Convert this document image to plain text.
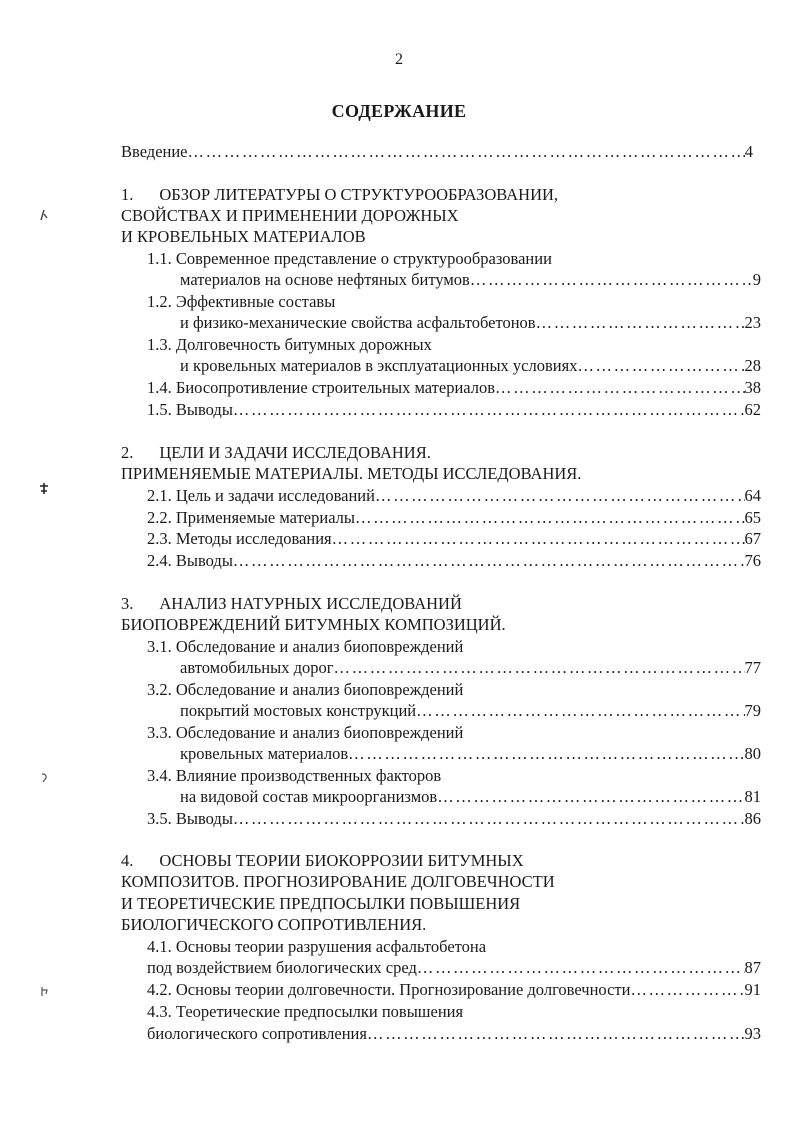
2
СОДЕРЖАНИЕ
Введение …………………………………………………………………………………………………………………………………………………………………………………………………	4
1. ОБЗОР ЛИТЕРАТУРЫ О СТРУКТУРООБРАЗОВАНИИ,
СВОЙСТВАХ И ПРИМЕНЕНИИ ДОРОЖНЫХ
И КРОВЕЛЬНЫХ МАТЕРИАЛОВ
1.1. Современное представление о структурообразовании
материалов на основе нефтяных битумов …………………………………………………………………………………………………………………………………………………………………………………………………	9
1.2. Эффективные составы
и физико-механические свойства асфальтобетонов …………………………………………………………………………………………………………………………………………………………………………………………………	23
1.3. Долговечность битумных дорожных
и кровельных материалов в эксплуатационных условиях …………………………………………………………………………………………………………………………………………………………………………………………………	28
1.4. Биосопротивление строительных материалов …………………………………………………………………………………………………………………………………………………………………………………………………	38
1.5. Выводы …………………………………………………………………………………………………………………………………………………………………………………………………	62
2. ЦЕЛИ И ЗАДАЧИ ИССЛЕДОВАНИЯ.
ПРИМЕНЯЕМЫЕ МАТЕРИАЛЫ. МЕТОДЫ ИССЛЕДОВАНИЯ.
2.1. Цель и задачи исследований …………………………………………………………………………………………………………………………………………………………………………………………………	64
2.2. Применяемые материалы …………………………………………………………………………………………………………………………………………………………………………………………………	65
2.3. Методы исследования …………………………………………………………………………………………………………………………………………………………………………………………………	67
2.4. Выводы …………………………………………………………………………………………………………………………………………………………………………………………………	76
3. АНАЛИЗ НАТУРНЫХ ИССЛЕДОВАНИЙ
БИОПОВРЕЖДЕНИЙ БИТУМНЫХ КОМПОЗИЦИЙ.
3.1. Обследование и анализ биоповреждений
автомобильных дорог …………………………………………………………………………………………………………………………………………………………………………………………………	77
3.2. Обследование и анализ биоповреждений
покрытий мостовых конструкций …………………………………………………………………………………………………………………………………………………………………………………………………	79
3.3. Обследование и анализ биоповреждений
кровельных материалов …………………………………………………………………………………………………………………………………………………………………………………………………	80
3.4. Влияние производственных факторов
на видовой состав микроорганизмов …………………………………………………………………………………………………………………………………………………………………………………………………	81
3.5. Выводы …………………………………………………………………………………………………………………………………………………………………………………………………	86
4. ОСНОВЫ ТЕОРИИ БИОКОРРОЗИИ БИТУМНЫХ
КОМПОЗИТОВ. ПРОГНОЗИРОВАНИЕ ДОЛГОВЕЧНОСТИ
И ТЕОРЕТИЧЕСКИЕ ПРЕДПОСЫЛКИ ПОВЫШЕНИЯ
БИОЛОГИЧЕСКОГО СОПРОТИВЛЕНИЯ.
4.1. Основы теории разрушения асфальтобетона
под воздействием биологических сред …………………………………………………………………………………………………………………………………………………………………………………………………	87
4.2. Основы теории долговечности. Прогнозирование долговечности …………………………………………………………………………………………………………………………………………………………………………………………………	91
4.3. Теоретические предпосылки повышения
биологического сопротивления …………………………………………………………………………………………………………………………………………………………………………………………………	93
